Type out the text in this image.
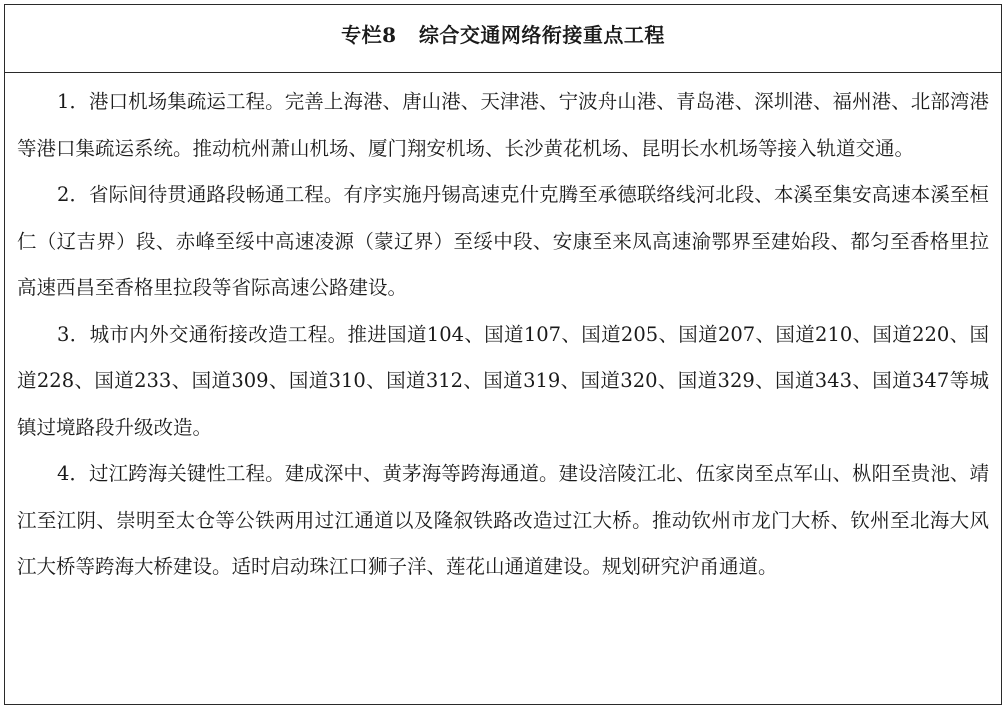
专栏8   综合交通网络衔接重点工程

1．港口机场集疏运工程。完善上海港、唐山港、天津港、宁波舟山港、青岛港、深圳港、福州港、北部湾港等港口集疏运系统。推动杭州萧山机场、厦门翔安机场、长沙黄花机场、昆明长水机场等接入轨道交通。

2．省际间待贯通路段畅通工程。有序实施丹锡高速克什克腾至承德联络线河北段、本溪至集安高速本溪至桓仁（辽吉界）段、赤峰至绥中高速凌源（蒙辽界）至绥中段、安康至来凤高速渝鄂界至建始段、都匀至香格里拉高速西昌至香格里拉段等省际高速公路建设。

3．城市内外交通衔接改造工程。推进国道104、国道107、国道205、国道207、国道210、国道220、国道228、国道233、国道309、国道310、国道312、国道319、国道320、国道329、国道343、国道347等城镇过境路段升级改造。

4．过江跨海关键性工程。建成深中、黄茅海等跨海通道。建设涪陵江北、伍家岗至点军山、枞阳至贵池、靖江至江阴、崇明至太仓等公铁两用过江通道以及隆叙铁路改造过江大桥。推动钦州市龙门大桥、钦州至北海大风江大桥等跨海大桥建设。适时启动珠江口狮子洋、莲花山通道建设。规划研究沪甬通道。
